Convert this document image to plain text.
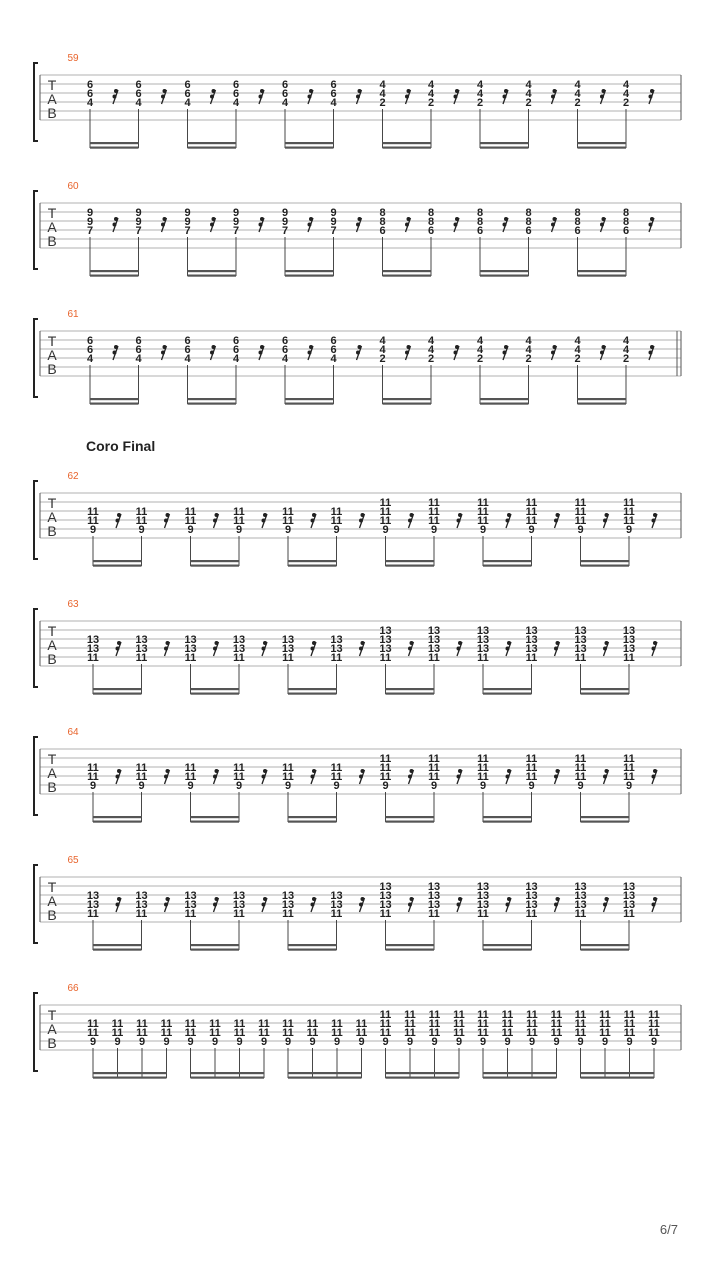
59
T
A
B
6
6
4
6
6
4
6
6
4
6
6
4
6
6
4
6
6
4
4
4
2
4
4
2
4
4
2
4
4
2
4
4
2
4
4
2
60
T
A
B
9
9
7
9
9
7
9
9
7
9
9
7
9
9
7
9
9
7
8
8
6
8
8
6
8
8
6
8
8
6
8
8
6
8
8
6
61
T
A
B
6
6
4
6
6
4
6
6
4
6
6
4
6
6
4
6
6
4
4
4
2
4
4
2
4
4
2
4
4
2
4
4
2
4
4
2
62
T
A
B
11
11
9
11
11
9
11
11
9
11
11
9
11
11
9
11
11
9
11
11
9
11
11
11
9
11
11
11
9
11
11
11
9
11
11
11
9
11
11
11
9
11
63
T
A
B
13
13
11
13
13
11
13
13
11
13
13
11
13
13
11
13
13
11
13
13
11
13
13
13
11
13
13
13
11
13
13
13
11
13
13
13
11
13
13
13
11
13
64
T
A
B
11
11
9
11
11
9
11
11
9
11
11
9
11
11
9
11
11
9
11
11
9
11
11
11
9
11
11
11
9
11
11
11
9
11
11
11
9
11
11
11
9
11
65
T
A
B
13
13
11
13
13
11
13
13
11
13
13
11
13
13
11
13
13
11
13
13
11
13
13
13
11
13
13
13
11
13
13
13
11
13
13
13
11
13
13
13
11
13
66
T
A
B
11
11
9
11
11
9
11
11
9
11
11
9
11
11
9
11
11
9
11
11
9
11
11
9
11
11
9
11
11
9
11
11
9
11
11
9
11
11
9
11
11
11
9
11
11
11
9
11
11
11
9
11
11
11
9
11
11
11
9
11
11
11
9
11
11
11
9
11
11
11
9
11
11
11
9
11
11
11
9
11
11
11
9
11
Coro Final
6/7
